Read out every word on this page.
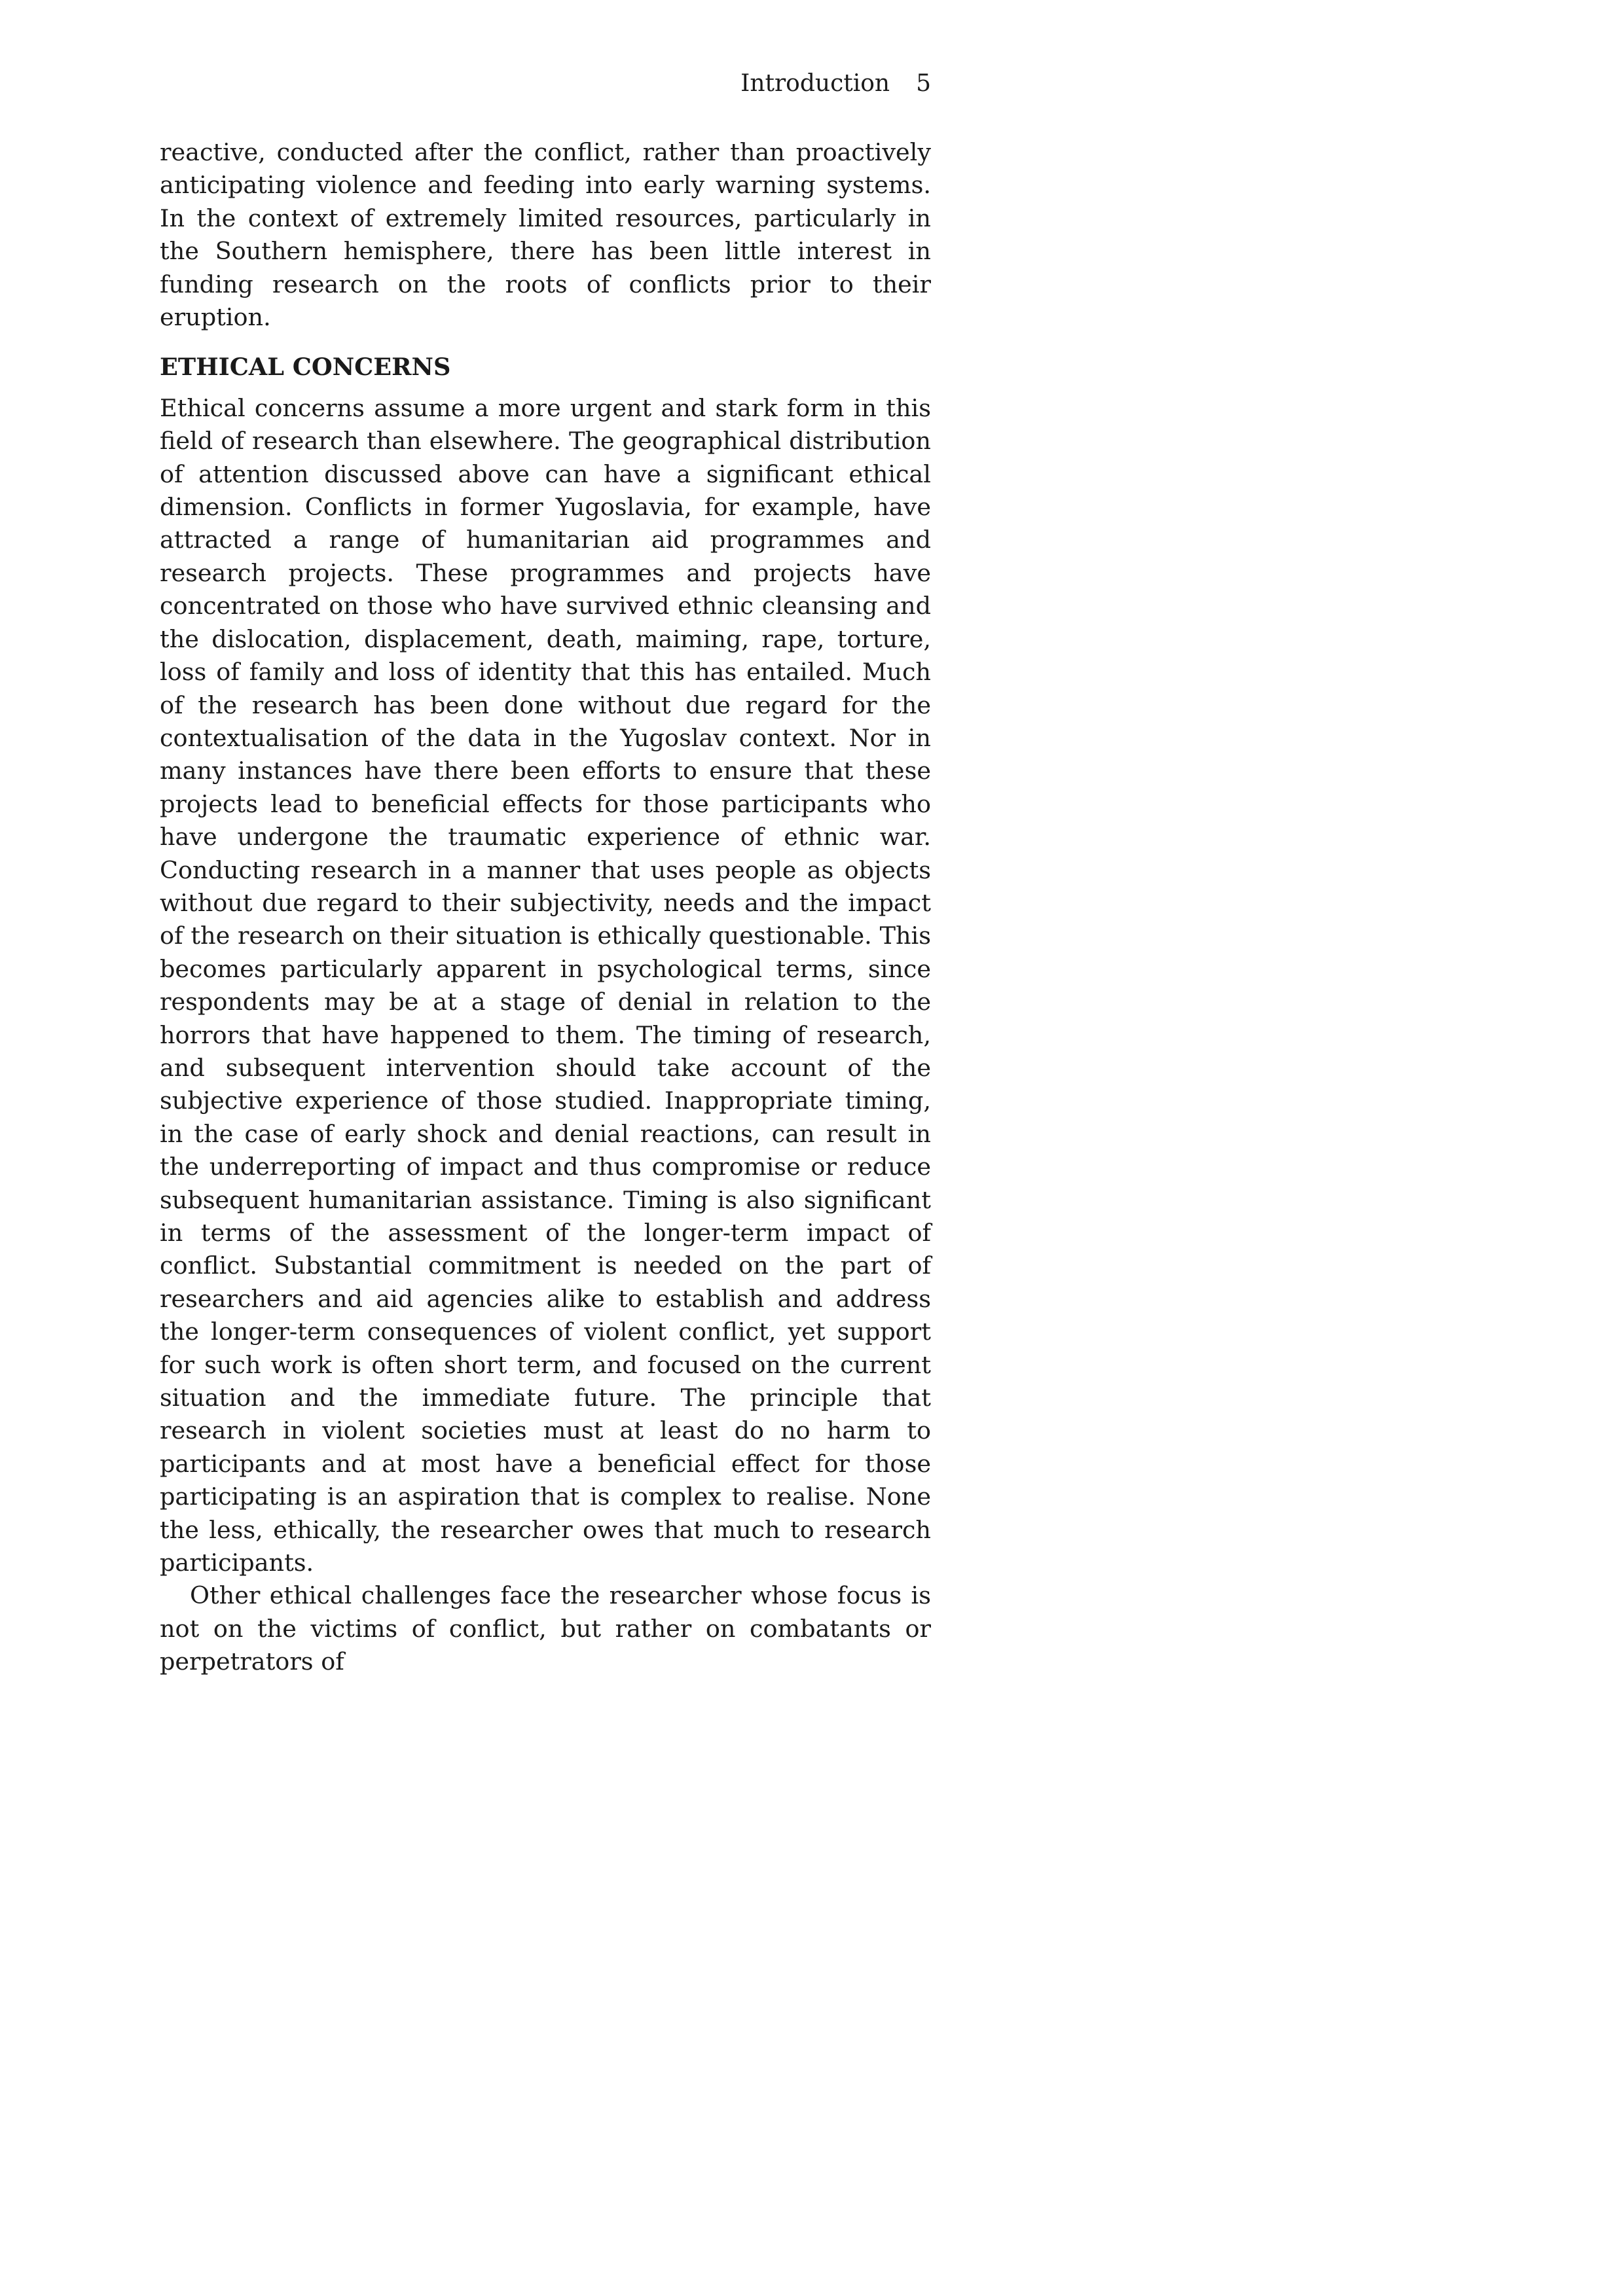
Introduction 5

reactive, conducted after the conflict, rather than proactively anticipating violence and feeding into early warning systems. In the context of extremely limited resources, particularly in the Southern hemisphere, there has been little interest in funding research on the roots of conflicts prior to their eruption.

ETHICAL CONCERNS

Ethical concerns assume a more urgent and stark form in this field of research than elsewhere. The geographical distribution of attention discussed above can have a significant ethical dimension. Conflicts in former Yugoslavia, for example, have attracted a range of humanitarian aid programmes and research projects. These programmes and projects have concentrated on those who have survived ethnic cleansing and the dislocation, displacement, death, maiming, rape, torture, loss of family and loss of identity that this has entailed. Much of the research has been done without due regard for the contextualisation of the data in the Yugoslav context. Nor in many instances have there been efforts to ensure that these projects lead to beneficial effects for those participants who have undergone the traumatic experience of ethnic war. Conducting research in a manner that uses people as objects without due regard to their subjectivity, needs and the impact of the research on their situation is ethically questionable. This becomes particularly apparent in psychological terms, since respondents may be at a stage of denial in relation to the horrors that have happened to them. The timing of research, and subsequent intervention should take account of the subjective experience of those studied. Inappropriate timing, in the case of early shock and denial reactions, can result in the underreporting of impact and thus compromise or reduce subsequent humanitarian assistance. Timing is also significant in terms of the assessment of the longer-term impact of conflict. Substantial commitment is needed on the part of researchers and aid agencies alike to establish and address the longer-term consequences of violent conflict, yet support for such work is often short term, and focused on the current situation and the immediate future. The principle that research in violent societies must at least do no harm to participants and at most have a beneficial effect for those participating is an aspiration that is complex to realise. None the less, ethically, the researcher owes that much to research participants.

Other ethical challenges face the researcher whose focus is not on the victims of conflict, but rather on combatants or perpetrators of
